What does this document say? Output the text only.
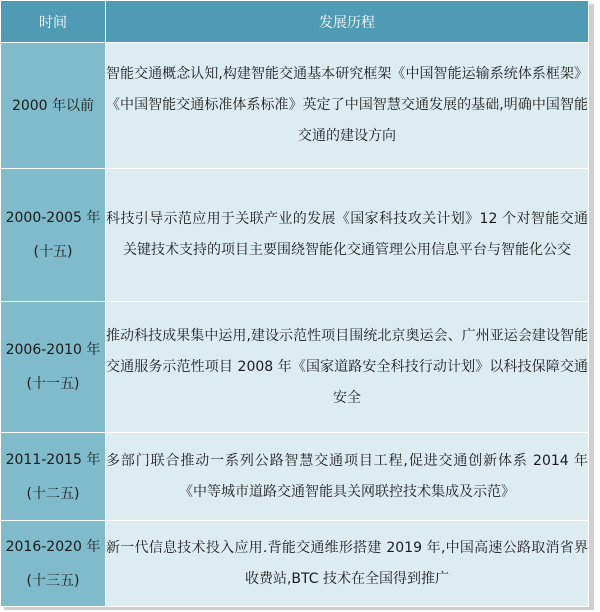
时间	发展历程

2000 年以前	智能交通概念认知,构建智能交通基本研究框架《中国智能运输系统体系框架》《中国智能交通标准体系标准》英定了中国智慧交通发展的基础,明确中国智能交通的建设方向

2000-2005 年
(十五)	科技引导示范应用于关联产业的发展《国家科技攻关计划》12 个对智能交通关键技术支持的项目主要围绕智能化交通管理公用信息平台与智能化公交

2006-2010 年
(十一五)	推动科技成果集中运用,建设示范性项目围统北京奥运会、广州亚运会建设智能交通服务示范性项目 2008 年《国家道路安全科技行动计划》以科技保障交通安全

2011-2015 年
(十二五)	多部门联合推动一系列公路智慧交通项目工程,促进交通创新体系 2014 年《中等城市道路交通智能具关网联控技术集成及示范》

2016-2020 年
(十三五)	新一代信息技术投入应用.背能交通维形搭建 2019 年,中国高速公路取消省界收费站,BTC 技术在全国得到推广
